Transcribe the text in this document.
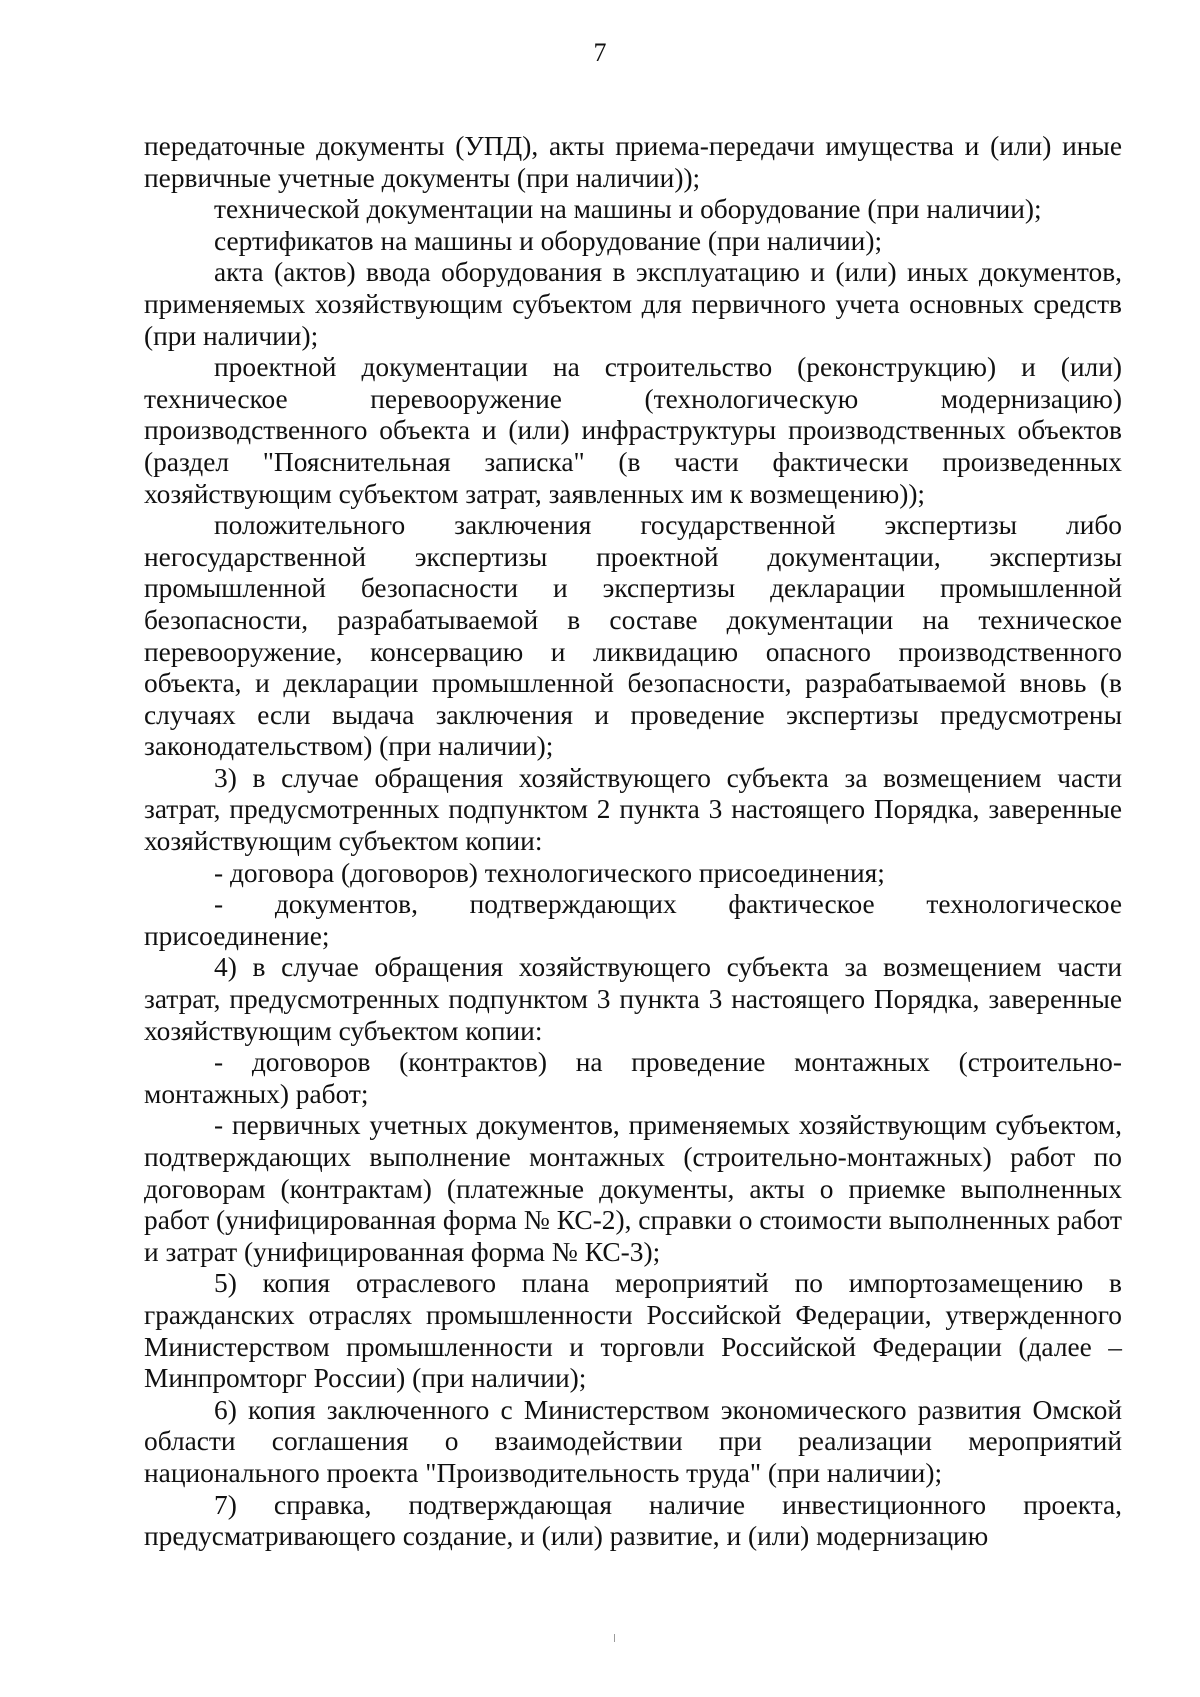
7

передаточные документы (УПД), акты приема-передачи имущества и (или) иные первичные учетные документы (при наличии));

технической документации на машины и оборудование (при наличии);

сертификатов на машины и оборудование (при наличии);

акта (актов) ввода оборудования в эксплуатацию и (или) иных документов, применяемых хозяйствующим субъектом для первичного учета основных средств (при наличии);

проектной документации на строительство (реконструкцию) и (или) техническое перевооружение (технологическую модернизацию) производственного объекта и (или) инфраструктуры производственных объектов (раздел "Пояснительная записка" (в части фактически произведенных хозяйствующим субъектом затрат, заявленных им к возмещению));

положительного заключения государственной экспертизы либо негосударственной экспертизы проектной документации, экспертизы промышленной безопасности и экспертизы декларации промышленной безопасности, разрабатываемой в составе документации на техническое перевооружение, консервацию и ликвидацию опасного производственного объекта, и декларации промышленной безопасности, разрабатываемой вновь (в случаях если выдача заключения и проведение экспертизы предусмотрены законодательством) (при наличии);

3) в случае обращения хозяйствующего субъекта за возмещением части затрат, предусмотренных подпунктом 2 пункта 3 настоящего Порядка, заверенные хозяйствующим субъектом копии:

- договора (договоров) технологического присоединения;

- документов, подтверждающих фактическое технологическое присоединение;

4) в случае обращения хозяйствующего субъекта за возмещением части затрат, предусмотренных подпунктом 3 пункта 3 настоящего Порядка, заверенные хозяйствующим субъектом копии:

- договоров (контрактов) на проведение монтажных (строительно-монтажных) работ;

- первичных учетных документов, применяемых хозяйствующим субъектом, подтверждающих выполнение монтажных (строительно-монтажных) работ по договорам (контрактам) (платежные документы, акты о приемке выполненных работ (унифицированная форма № КС-2), справки о стоимости выполненных работ и затрат (унифицированная форма № КС-3);

5) копия отраслевого плана мероприятий по импортозамещению в гражданских отраслях промышленности Российской Федерации, утвержденного Министерством промышленности и торговли Российской Федерации (далее – Минпромторг России) (при наличии);

6) копия заключенного с Министерством экономического развития Омской области соглашения о взаимодействии при реализации мероприятий национального проекта "Производительность труда" (при наличии);

7) справка, подтверждающая наличие инвестиционного проекта, предусматривающего создание, и (или) развитие, и (или) модернизацию
